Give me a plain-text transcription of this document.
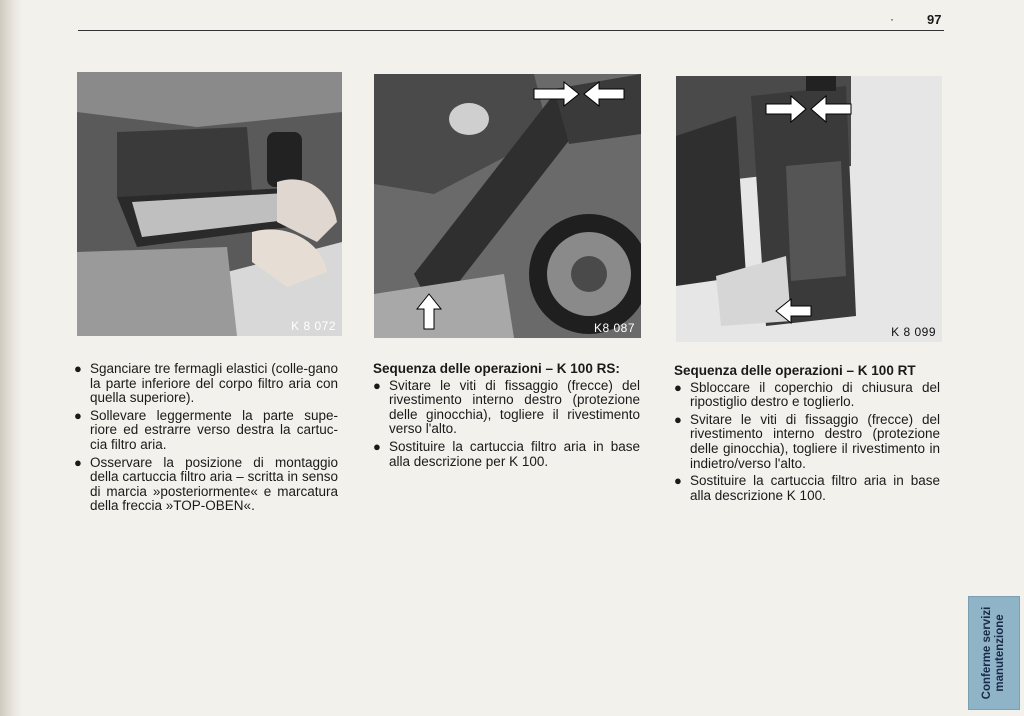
·	97
K 8 072	K8 087	K 8 099
● Sganciare tre fermagli elastici (colle-gano la parte inferiore del corpo filtro aria con quella superiore).
● Sollevare leggermente la parte supe-riore ed estrarre verso destra la cartuc-cia filtro aria.
● Osservare la posizione di montaggio della cartuccia filtro aria – scritta in senso di marcia »posteriormente« e marcatura della freccia »TOP-OBEN«.
Sequenza delle operazioni – K 100 RS:
● Svitare le viti di fissaggio (frecce) del rivestimento interno destro (protezione delle ginocchia), togliere il rivestimento verso l'alto.
● Sostituire la cartuccia filtro aria in base alla descrizione per K 100.
Sequenza delle operazioni – K 100 RT
● Sbloccare il coperchio di chiusura del ripostiglio destro e toglierlo.
● Svitare le viti di fissaggio (frecce) del rivestimento interno destro (protezione delle ginocchia), togliere il rivestimento in indietro/verso l'alto.
● Sostituire la cartuccia filtro aria in base alla descrizione K 100.
Conferme servizi manutenzione
